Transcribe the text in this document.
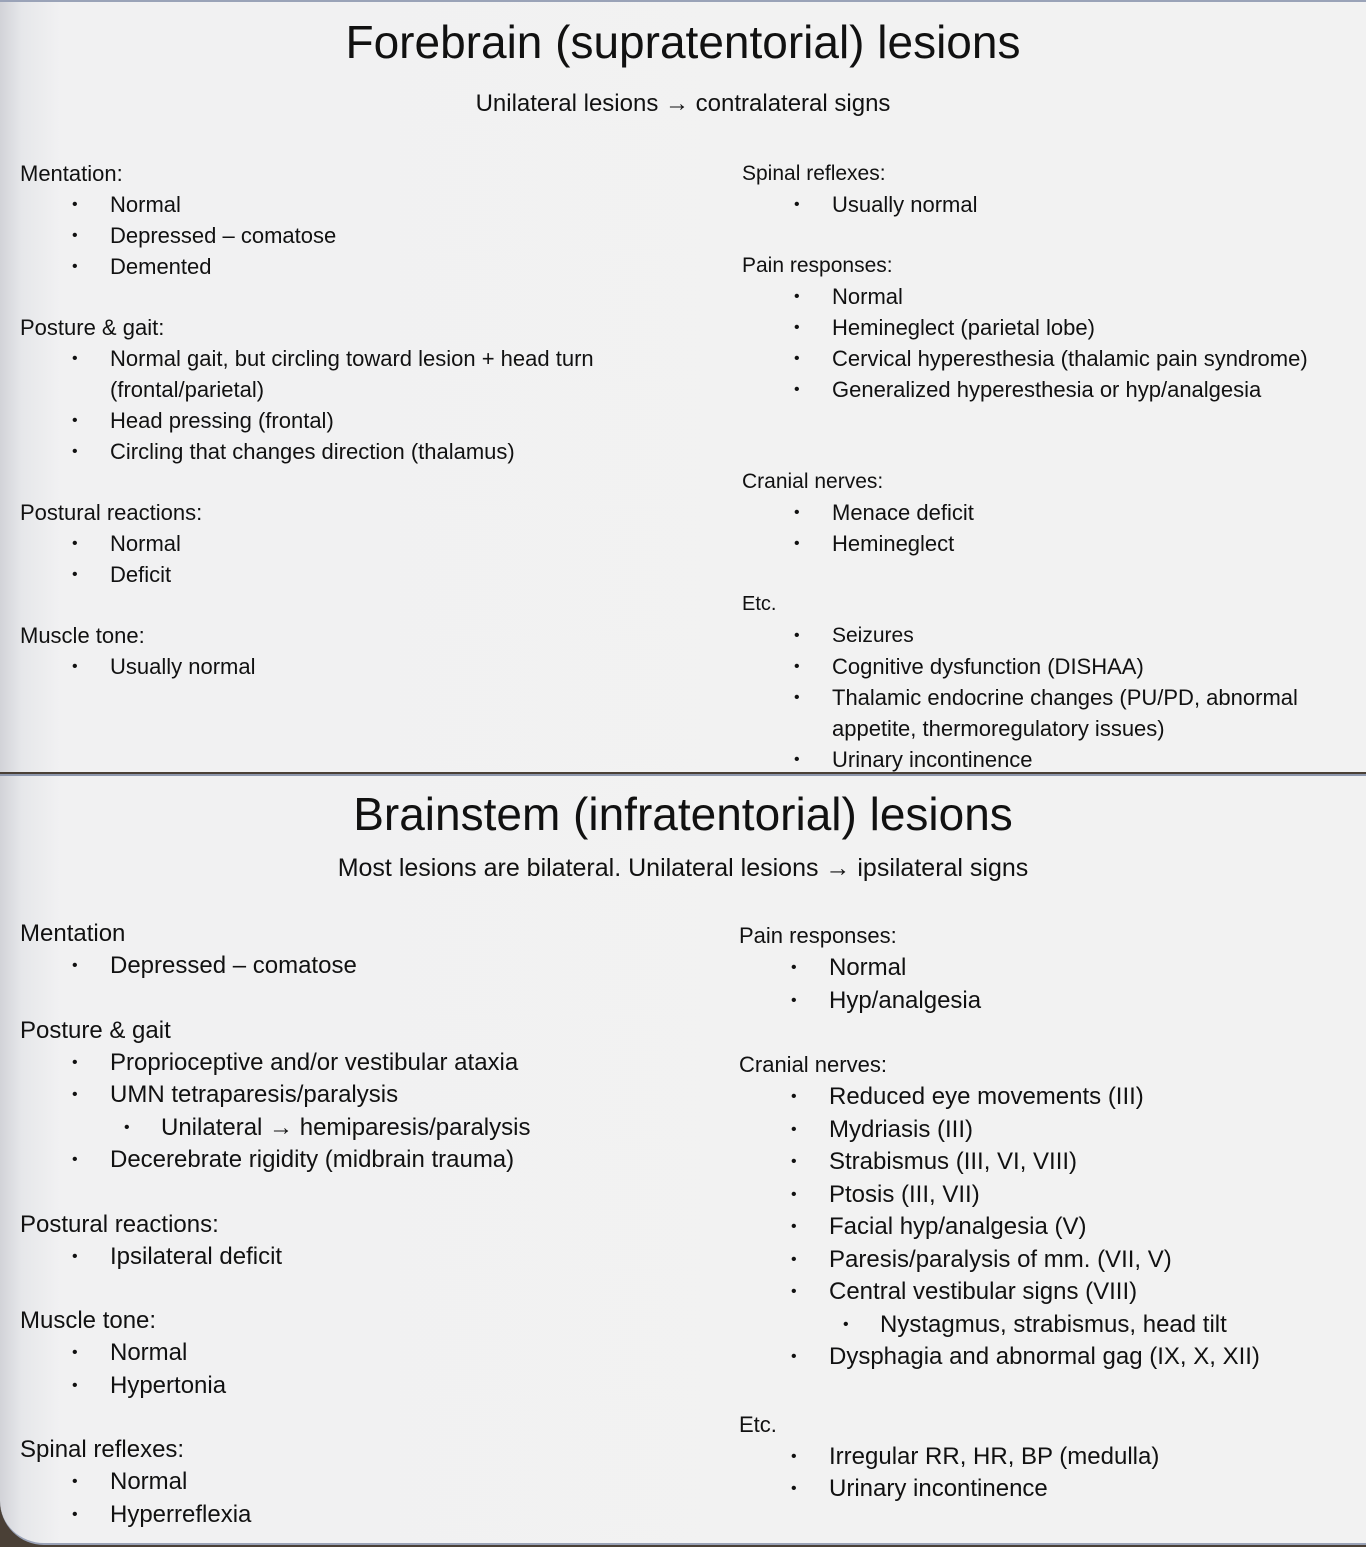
Forebrain (supratentorial) lesions
Unilateral lesions → contralateral signs
Mentation:
• Normal
• Depressed – comatose
• Demented
Posture & gait:
• Normal gait, but circling toward lesion + head turn
(frontal/parietal)
• Head pressing (frontal)
• Circling that changes direction (thalamus)
Postural reactions:
• Normal
• Deficit
Muscle tone:
• Usually normal
Spinal reflexes:
• Usually normal
Pain responses:
• Normal
• Hemineglect (parietal lobe)
• Cervical hyperesthesia (thalamic pain syndrome)
• Generalized hyperesthesia or hyp/analgesia
Cranial nerves:
• Menace deficit
• Hemineglect
Etc.
• Seizures
• Cognitive dysfunction (DISHAA)
• Thalamic endocrine changes (PU/PD, abnormal
appetite, thermoregulatory issues)
• Urinary incontinence
Brainstem (infratentorial) lesions
Most lesions are bilateral. Unilateral lesions → ipsilateral signs
Mentation
• Depressed – comatose
Posture & gait
• Proprioceptive and/or vestibular ataxia
• UMN tetraparesis/paralysis
• Unilateral → hemiparesis/paralysis
• Decerebrate rigidity (midbrain trauma)
Postural reactions:
• Ipsilateral deficit
Muscle tone:
• Normal
• Hypertonia
Spinal reflexes:
• Normal
• Hyperreflexia
Pain responses:
• Normal
• Hyp/analgesia
Cranial nerves:
• Reduced eye movements (III)
• Mydriasis (III)
• Strabismus (III, VI, VIII)
• Ptosis (III, VII)
• Facial hyp/analgesia (V)
• Paresis/paralysis of mm. (VII, V)
• Central vestibular signs (VIII)
• Nystagmus, strabismus, head tilt
• Dysphagia and abnormal gag (IX, X, XII)
Etc.
• Irregular RR, HR, BP (medulla)
• Urinary incontinence
